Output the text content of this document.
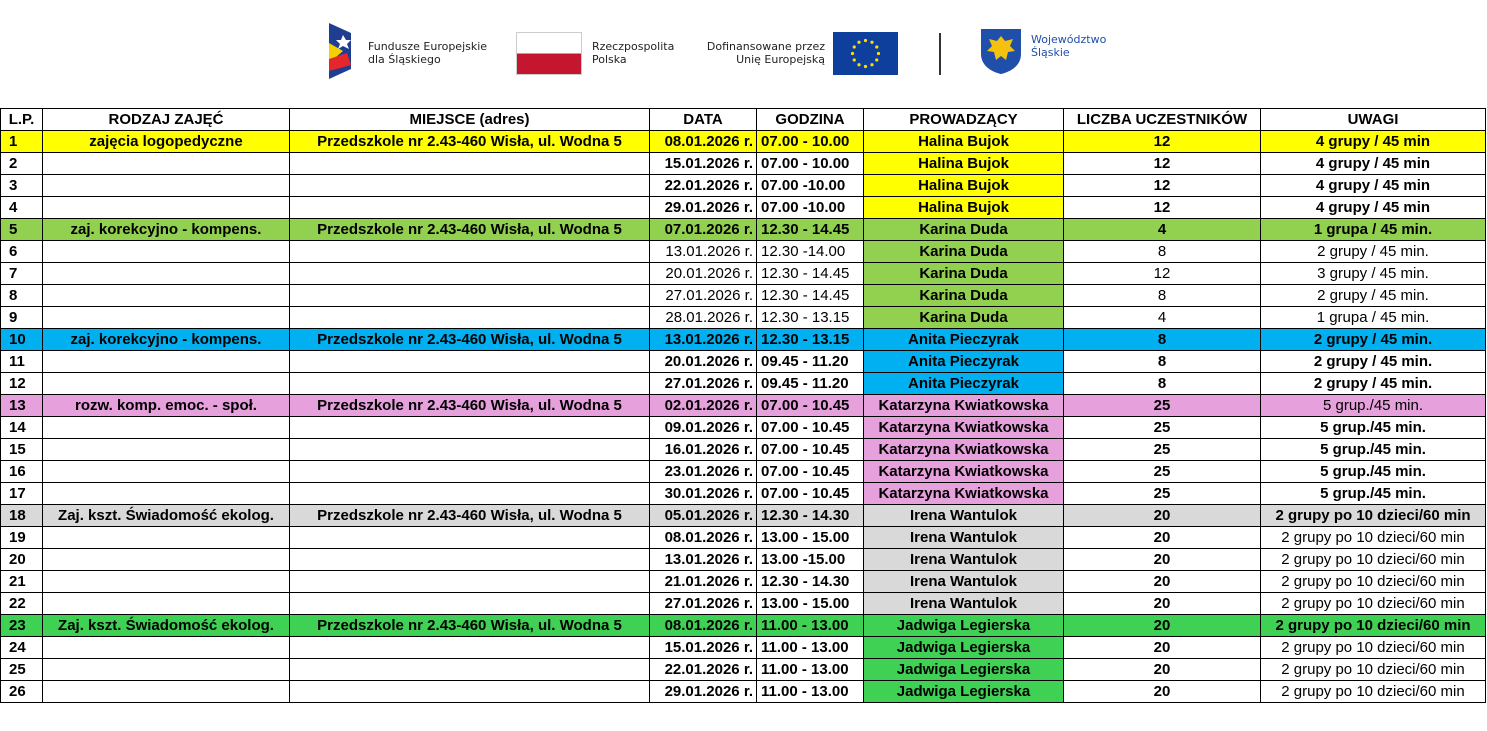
Fundusze Europejskie
dla Śląskiego
Rzeczpospolita
Polska
Dofinansowane przez
Unię Europejską
Województwo
Śląskie
L.P.	RODZAJ ZAJĘĆ	MIEJSCE (adres)	DATA	GODZINA	PROWADZĄCY	LICZBA UCZESTNIKÓW	UWAGI
1	zajęcia logopedyczne	Przedszkole nr 2.43-460 Wisła, ul. Wodna 5	08.01.2026 r.	07.00 - 10.00	Halina Bujok	12	4 grupy / 45 min
2			15.01.2026 r.	07.00 - 10.00	Halina Bujok	12	4 grupy / 45 min
3			22.01.2026 r.	07.00 -10.00	Halina Bujok	12	4 grupy / 45 min
4			29.01.2026 r.	07.00 -10.00	Halina Bujok	12	4 grupy / 45 min
5	zaj. korekcyjno - kompens.	Przedszkole nr 2.43-460 Wisła, ul. Wodna 5	07.01.2026 r.	12.30 - 14.45	Karina Duda	4	1 grupa / 45 min.
6			13.01.2026 r.	12.30 -14.00	Karina Duda	8	2 grupy / 45 min.
7			20.01.2026 r.	12.30 - 14.45	Karina Duda	12	3 grupy / 45 min.
8			27.01.2026 r.	12.30 - 14.45	Karina Duda	8	2 grupy / 45 min.
9			28.01.2026 r.	12.30 - 13.15	Karina Duda	4	1 grupa / 45 min.
10	zaj. korekcyjno - kompens.	Przedszkole nr 2.43-460 Wisła, ul. Wodna 5	13.01.2026 r.	12.30 - 13.15	Anita Pieczyrak	8	2 grupy / 45 min.
11			20.01.2026 r.	09.45 - 11.20	Anita Pieczyrak	8	2 grupy / 45 min.
12			27.01.2026 r.	09.45 - 11.20	Anita Pieczyrak	8	2 grupy / 45 min.
13	rozw. komp. emoc. - społ.	Przedszkole nr 2.43-460 Wisła, ul. Wodna 5	02.01.2026 r.	07.00 - 10.45	Katarzyna Kwiatkowska	25	5 grup./45 min.
14			09.01.2026 r.	07.00 - 10.45	Katarzyna Kwiatkowska	25	5 grup./45 min.
15			16.01.2026 r.	07.00 - 10.45	Katarzyna Kwiatkowska	25	5 grup./45 min.
16			23.01.2026 r.	07.00 - 10.45	Katarzyna Kwiatkowska	25	5 grup./45 min.
17			30.01.2026 r.	07.00 - 10.45	Katarzyna Kwiatkowska	25	5 grup./45 min.
18	Zaj. kszt. Świadomość ekolog.	Przedszkole nr 2.43-460 Wisła, ul. Wodna 5	05.01.2026 r.	12.30 - 14.30	Irena Wantulok	20	2 grupy po 10 dzieci/60 min
19			08.01.2026 r.	13.00 - 15.00	Irena Wantulok	20	2 grupy po 10 dzieci/60 min
20			13.01.2026 r.	13.00 -15.00	Irena Wantulok	20	2 grupy po 10 dzieci/60 min
21			21.01.2026 r.	12.30 - 14.30	Irena Wantulok	20	2 grupy po 10 dzieci/60 min
22			27.01.2026 r.	13.00 - 15.00	Irena Wantulok	20	2 grupy po 10 dzieci/60 min
23	Zaj. kszt. Świadomość ekolog.	Przedszkole nr 2.43-460 Wisła, ul. Wodna 5	08.01.2026 r.	11.00 - 13.00	Jadwiga Legierska	20	2 grupy po 10 dzieci/60 min
24			15.01.2026 r.	11.00 - 13.00	Jadwiga Legierska	20	2 grupy po 10 dzieci/60 min
25			22.01.2026 r.	11.00 - 13.00	Jadwiga Legierska	20	2 grupy po 10 dzieci/60 min
26			29.01.2026 r.	11.00 - 13.00	Jadwiga Legierska	20	2 grupy po 10 dzieci/60 min
